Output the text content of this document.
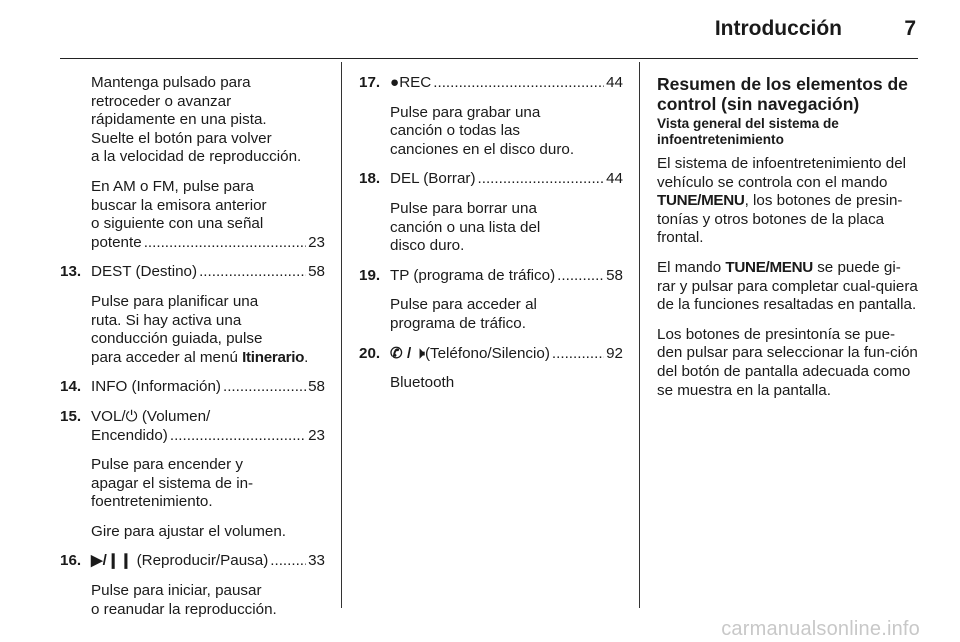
Introducción	7
Mantenga pulsado para
retroceder o avanzar
rápidamente en una pista.
Suelte el botón para volver
a la velocidad de reproducción.
En AM o FM, pulse para
buscar la emisora anterior
o siguiente con una señal
potente .....	23
13. DEST (Destino) .....	58
Pulse para planificar una
ruta. Si hay activa una
conducción guiada, pulse
para acceder al menú Itinerario.
14. INFO (Información) .....	58
15. VOL/⏻ (Volumen/
Encendido) .....	23
Pulse para encender y
apagar el sistema de in-
foentretenimiento.
Gire para ajustar el volumen.
16. ▶/❙❙ (Reproducir/Pausa) .....	33
Pulse para iniciar, pausar
o reanudar la reproducción.
17. ●REC .....	44
Pulse para grabar una
canción o todas las
canciones en el disco duro.
18. DEL (Borrar) .....	44
Pulse para borrar una
canción o una lista del
disco duro.
19. TP (programa de tráfico) .....	58
Pulse para acceder al
programa de tráfico.
20. ✆ / 🕨(Teléfono/Silencio) .....	92
Bluetooth
Resumen de los elementos de
control (sin navegación)
Vista general del sistema de
infoentretenimiento

El sistema de infoentretenimiento del vehículo se controla con el mando TUNE/MENU, los botones de presin-tonías y otros botones de la placa frontal.

El mando TUNE/MENU se puede gi-rar y pulsar para completar cual-quiera de la funciones resaltadas en pantalla.

Los botones de presintonía se pue-den pulsar para seleccionar la fun-ción del botón de pantalla adecuada como se muestra en la pantalla.

carmanualsonline.info
